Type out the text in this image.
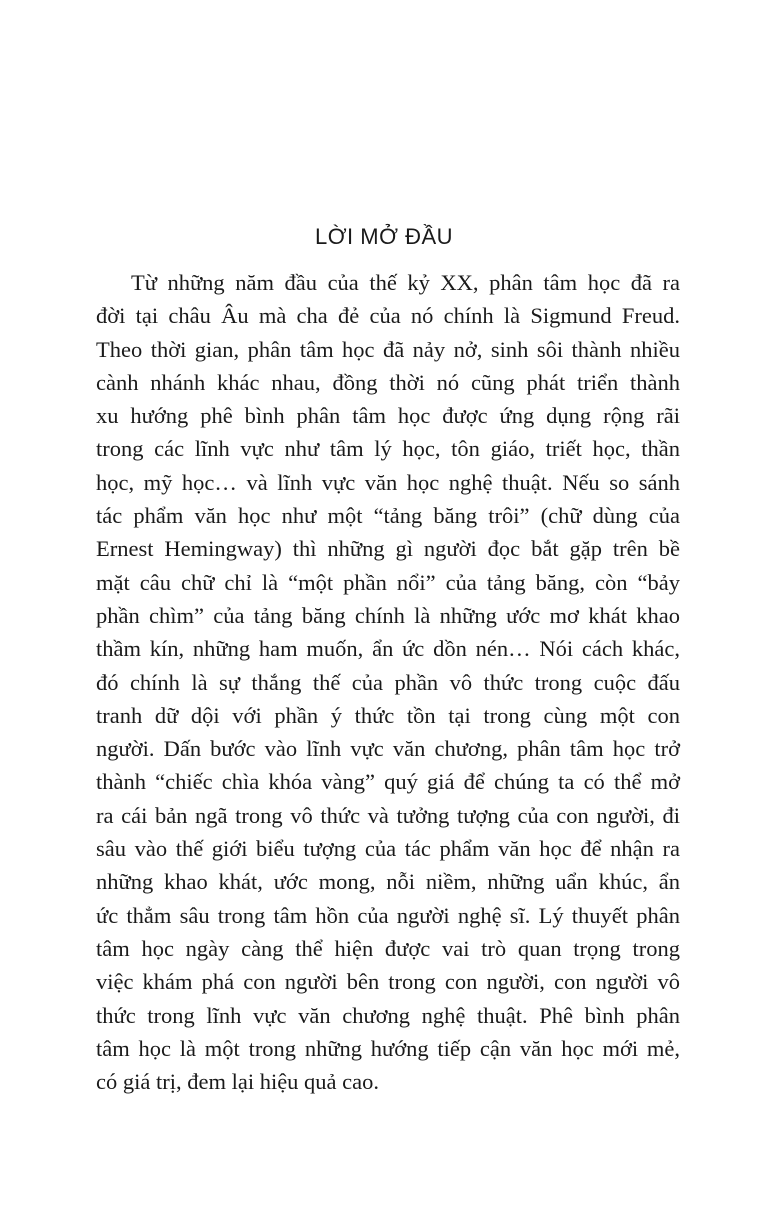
LỜI MỞ ĐẦU
Từ những năm đầu của thế kỷ XX, phân tâm học đã ra
đời tại châu Âu mà cha đẻ của nó chính là Sigmund Freud.
Theo thời gian, phân tâm học đã nảy nở, sinh sôi thành nhiều
cành nhánh khác nhau, đồng thời nó cũng phát triển thành
xu hướng phê bình phân tâm học được ứng dụng rộng rãi
trong các lĩnh vực như tâm lý học, tôn giáo, triết học, thần
học, mỹ học… và lĩnh vực văn học nghệ thuật. Nếu so sánh
tác phẩm văn học như một “tảng băng trôi” (chữ dùng của
Ernest Hemingway) thì những gì người đọc bắt gặp trên bề
mặt câu chữ chỉ là “một phần nổi” của tảng băng, còn “bảy
phần chìm” của tảng băng chính là những ước mơ khát khao
thầm kín, những ham muốn, ẩn ức dồn nén… Nói cách khác,
đó chính là sự thắng thế của phần vô thức trong cuộc đấu
tranh dữ dội với phần ý thức tồn tại trong cùng một con
người. Dấn bước vào lĩnh vực văn chương, phân tâm học trở
thành “chiếc chìa khóa vàng” quý giá để chúng ta có thể mở
ra cái bản ngã trong vô thức và tưởng tượng của con người, đi
sâu vào thế giới biểu tượng của tác phẩm văn học để nhận ra
những khao khát, ước mong, nỗi niềm, những uẩn khúc, ẩn
ức thẳm sâu trong tâm hồn của người nghệ sĩ. Lý thuyết phân
tâm học ngày càng thể hiện được vai trò quan trọng trong
việc khám phá con người bên trong con người, con người vô
thức trong lĩnh vực văn chương nghệ thuật. Phê bình phân
tâm học là một trong những hướng tiếp cận văn học mới mẻ,
có giá trị, đem lại hiệu quả cao.
